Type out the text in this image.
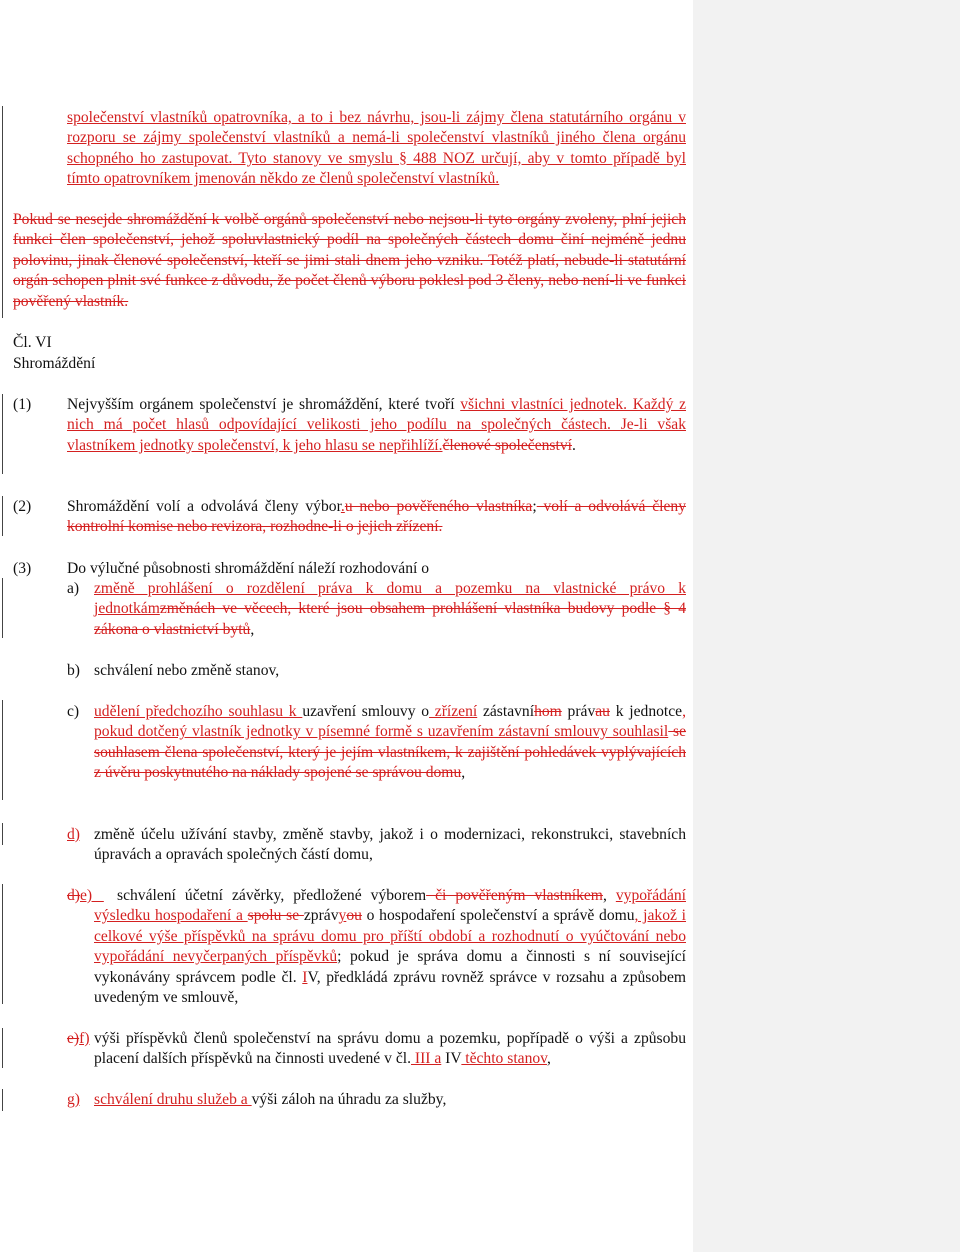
společenství vlastníků opatrovníka, a to i bez návrhu, jsou-li zájmy člena statutárního orgánu v rozporu se zájmy společenství vlastníků a nemá-li společenství vlastníků jiného člena orgánu schopného ho zastupovat. Tyto stanovy ve smyslu § 488 NOZ určují, aby v tomto případě byl tímto opatrovníkem jmenován někdo ze členů společenství vlastníků.
Pokud se nesejde shromáždění k volbě orgánů společenství nebo nejsou-li tyto orgány zvoleny, plní jejich funkci člen společenství, jehož spoluvlastnický podíl na společných částech domu činí nejméně jednu polovinu, jinak členové společenství, kteří se jimi stali dnem jeho vzniku. Totéž platí, nebude-li statutární orgán schopen plnit své funkce z důvodu, že počet členů výboru poklesl pod 3 členy, nebo není-li ve funkci pověřený vlastník.
Čl. VI
Shromáždění
(1) Nejvyšším orgánem společenství je shromáždění, které tvoří všichni vlastníci jednotek. Každý z nich má počet hlasů odpovídající velikosti jeho podílu na společných částech. Je-li však vlastníkem jednotky společenství, k jeho hlasu se nepřihlíží.členové společenství.
(2) Shromáždění volí a odvolává členy výbor.u nebo pověřeného vlastníka; volí a odvolává členy kontrolní komise nebo revizora, rozhodne-li o jejich zřízení.
(3) Do výlučné působnosti shromáždění náleží rozhodování o
a) změně prohlášení o rozdělení práva k domu a pozemku na vlastnické právo k jednotkámzměnách ve věcech, které jsou obsahem prohlášení vlastníka budovy podle § 4 zákona o vlastnictví bytů,
b) schválení nebo změně stanov,
c) udělení předchozího souhlasu k uzavření smlouvy o zřízení zástavníhom právau k jednotce, pokud dotčený vlastník jednotky v písemné formě s uzavřením zástavní smlouvy souhlasil se souhlasem člena společenství, který je jejím vlastníkem, k zajištění pohledávek vyplývajících z úvěru poskytnutého na náklady spojené se správou domu,
d) změně účelu užívání stavby, změně stavby, jakož i o modernizaci, rekonstrukci, stavebních úpravách a opravách společných částí domu,
d)e) schválení účetní závěrky, předložené výborem či pověřeným vlastníkem, vypořádání výsledku hospodaření a spolu se zprávyou o hospodaření společenství a správě domu, jakož i celkové výše příspěvků na správu domu pro příští období a rozhodnutí o vyúčtování nebo vypořádání nevyčerpaných příspěvků; pokud je správa domu a činnosti s ní související vykonávány správcem podle čl. IV, předkládá zprávu rovněž správce v rozsahu a způsobem uvedeným ve smlouvě,
e)f) výši příspěvků členů společenství na správu domu a pozemku, popřípadě o výši a způsobu placení dalších příspěvků na činnosti uvedené v čl. III a IV těchto stanov,
g) schválení druhu služeb a výši záloh na úhradu za služby,
